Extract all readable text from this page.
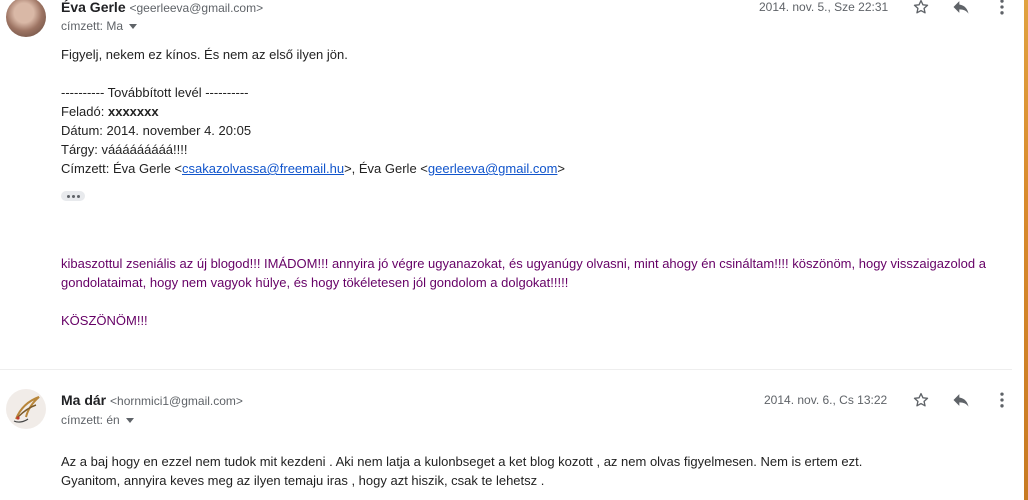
Éva Gerle <geerleeva@gmail.com>
címzett: Ma
2014. nov. 5., Sze 22:31
Figyelj, nekem ez kínos. És nem az első ilyen jön.
---------- Továbbított levél ----------
Feladó: xxxxxxx
Dátum: 2014. november 4. 20:05
Tárgy: vááááááááá!!!!
Címzett: Éva Gerle <csakazolvassa@freemail.hu>, Éva Gerle <geerleeva@gmail.com>
kibaszottul zseniális az új blogod!!! IMÁDOM!!! annyira jó végre ugyanazokat, és ugyanúgy olvasni, mint ahogy én csináltam!!!! köszönöm, hogy visszaigazolod a
gondolataimat, hogy nem vagyok hülye, és hogy tökéletesen jól gondolom a dolgokat!!!!!
KÖSZÖNÖM!!!
Ma dár <hornmici1@gmail.com>
címzett: én
2014. nov. 6., Cs 13:22
Az a baj hogy en ezzel nem tudok mit kezdeni . Aki nem latja a kulonbseget a ket blog kozott , az nem olvas figyelmesen. Nem is ertem ezt.
Gyanitom, annyira keves meg az ilyen temaju iras , hogy azt hiszik, csak te lehetsz .
